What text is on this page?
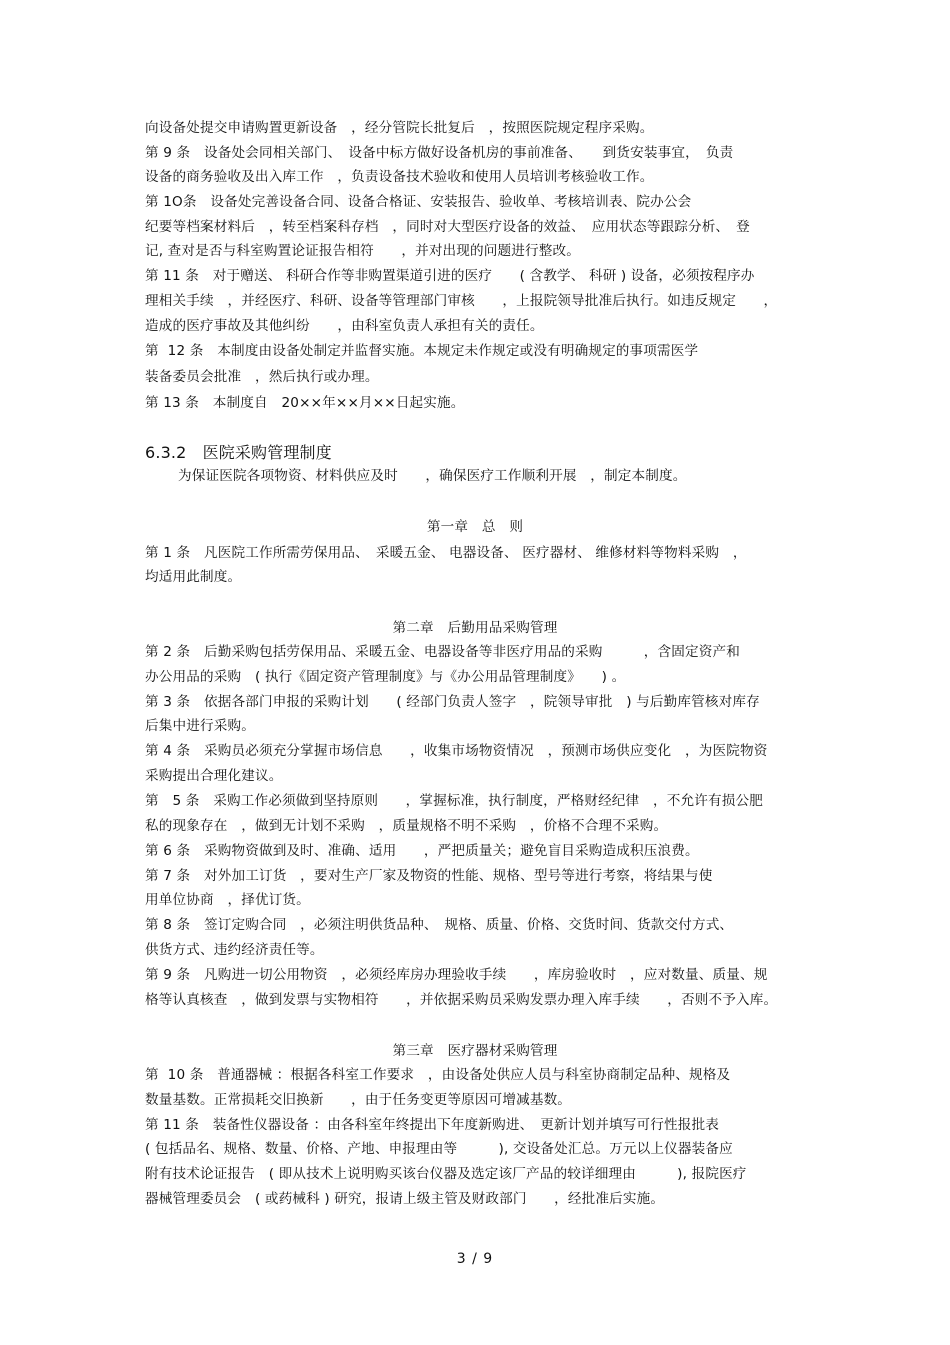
向设备处提交申请购置更新设备　，经分管院长批复后　，按照医院规定程序采购。
第 9 条　设备处会同相关部门、　设备中标方做好设备机房的事前准备、　　到货安装事宜，　负责
设备的商务验收及出入库工作　，负责设备技术验收和使用人员培训考核验收工作。
第 1O条　设备处完善设备合同、设备合格证、安装报告、验收单、考核培训表、院办公会
纪要等档案材料后　，转至档案科存档　，同时对大型医疗设备的效益、　应用状态等跟踪分析、　登
记, 查对是否与科室购置论证报告相符　　，并对出现的问题进行整改。
第 11 条　对于赠送、 科研合作等非购置渠道引进的医疗　　( 含教学、 科研 ) 设备，必须按程序办
理相关手续　，并经医疗、科研、设备等管理部门审核　　，上报院领导批准后执行。如违反规定　　，
造成的医疗事故及其他纠纷　　，由科室负责人承担有关的责任。
第  12 条　本制度由设备处制定并监督实施。本规定未作规定或没有明确规定的事项需医学
装备委员会批准　，然后执行或办理。
第 13 条　本制度自　20××年××月××日起实施。
6.3.2　医院采购管理制度
为保证医院各项物资、材料供应及时　　，确保医疗工作顺利开展　，制定本制度。
第一章　总　则
第 1 条　凡医院工作所需劳保用品、　采暖五金、 电器设备、 医疗器材、 维修材料等物料采购　，
均适用此制度。
第二章　后勤用品采购管理
第 2 条　后勤采购包括劳保用品、采暖五金、电器设备等非医疗用品的采购　　　，含固定资产和
办公用品的采购　( 执行《固定资产管理制度》与《办公用品管理制度》　　) 。
第 3 条　依据各部门申报的采购计划　　( 经部门负责人签字　，院领导审批　) 与后勤库管核对库存
后集中进行采购。
第 4 条　采购员必须充分掌握市场信息　　，收集市场物资情况　，预测市场供应变化　，为医院物资
采购提出合理化建议。
第　5 条　采购工作必须做到坚持原则　　，掌握标准，执行制度，严格财经纪律　，不允许有损公肥
私的现象存在　，做到无计划不采购　，质量规格不明不采购　，价格不合理不采购。
第 6 条　采购物资做到及时、准确、适用　　，严把质量关；避免盲目采购造成积压浪费。
第 7 条　对外加工订货　，要对生产厂家及物资的性能、规格、型号等进行考察，将结果与使
用单位协商　，择优订货。
第 8 条　签订定购合同　，必须注明供货品种、　规格、质量、价格、交货时间、货款交付方式、
供货方式、违约经济责任等。
第 9 条　凡购进一切公用物资　，必须经库房办理验收手续　　，库房验收时　，应对数量、质量、规
格等认真核查　，做到发票与实物相符　　，并依据采购员采购发票办理入库手续　　，否则不予入库。
第三章　医疗器材采购管理
第  10 条　普通器械 ：根据各科室工作要求　，由设备处供应人员与科室协商制定品种、规格及
数量基数。正常损耗交旧换新　　，由于任务变更等原因可增减基数。
第 11 条　装备性仪器设备 ：由各科室年终提出下年度新购进、　更新计划并填写可行性报批表
( 包括品名、规格、数量、价格、产地、申报理由等　　　), 交设备处汇总。万元以上仪器装备应
附有技术论证报告　( 即从技术上说明购买该台仪器及选定该厂产品的较详细理由　　　), 报院医疗
器械管理委员会　( 或药械科 ) 研究，报请上级主管及财政部门　　，经批准后实施。
3 / 9
